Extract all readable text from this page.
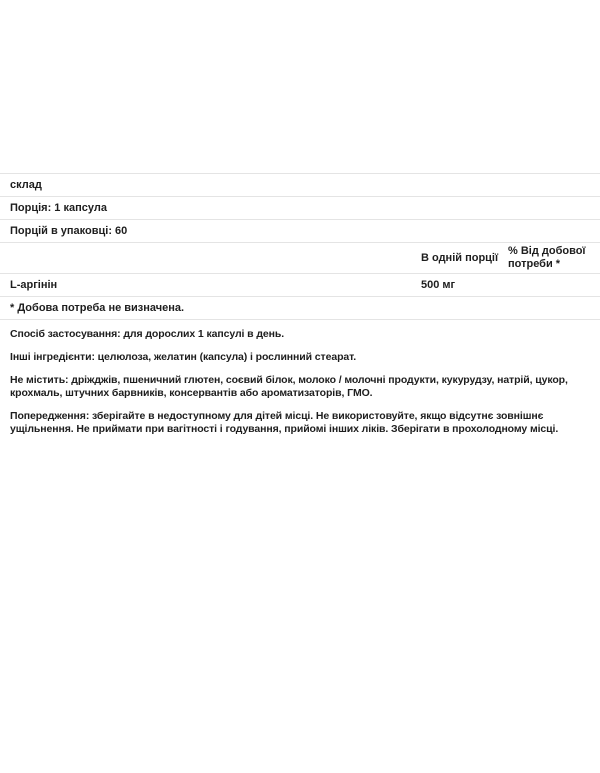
склад
Порція: 1 капсула
Порцій в упаковці: 60
В одній порції
% Від добової потреби *
L-аргінін	500 мг
* Добова потреба не визначена.

Спосіб застосування: для дорослих 1 капсулі в день.

Інші інгредієнти: целюлоза, желатин (капсула) і рослинний стеарат.

Не містить: дріжджів, пшеничний глютен, соєвий білок, молоко / молочні продукти, кукурудзу, натрій, цукор, крохмаль, штучних барвників, консервантів або ароматизаторів, ГМО.

Попередження: зберігайте в недоступному для дітей місці. Не використовуйте, якщо відсутнє зовнішнє ущільнення. Не приймати при вагітності і годування, прийомі інших ліків. Зберігати в прохолодному місці.
